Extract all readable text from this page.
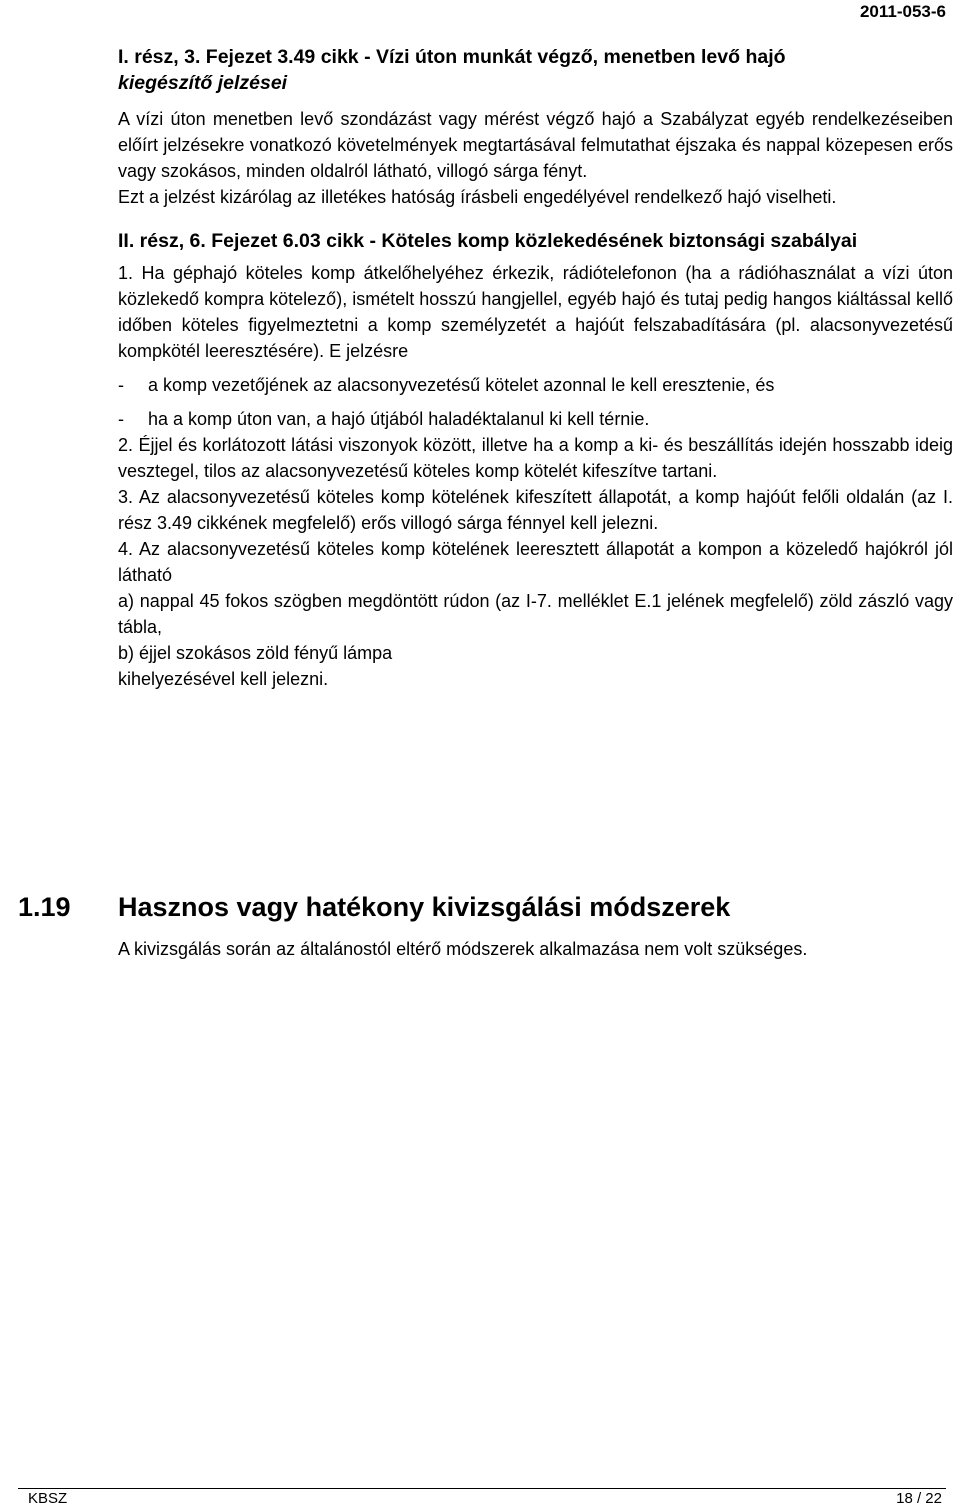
2011-053-6

I. rész, 3. Fejezet 3.49 cikk - Vízi úton munkát végző, menetben levő hajó
kiegészítő jelzései

A vízi úton menetben levő szondázást vagy mérést végző hajó a Szabályzat egyéb rendelkezéseiben előírt jelzésekre vonatkozó követelmények megtartásával felmutathat éjszaka és nappal közepesen erős vagy szokásos, minden oldalról látható, villogó sárga fényt.

Ezt a jelzést kizárólag az illetékes hatóság írásbeli engedélyével rendelkező hajó viselheti.

II. rész, 6. Fejezet 6.03 cikk - Köteles komp közlekedésének biztonsági szabályai

1. Ha géphajó köteles komp átkelőhelyéhez érkezik, rádiótelefonon (ha a rádióhasználat a vízi úton közlekedő kompra kötelező), ismételt hosszú hangjellel, egyéb hajó és tutaj pedig hangos kiáltással kellő időben köteles figyelmeztetni a komp személyzetét a hajóút felszabadítására (pl. alacsonyvezetésű kompkötél leeresztésére). E jelzésre

- a komp vezetőjének az alacsonyvezetésű kötelet azonnal le kell eresztenie, és

- ha a komp úton van, a hajó útjából haladéktalanul ki kell térnie.

2. Éjjel és korlátozott látási viszonyok között, illetve ha a komp a ki- és beszállítás idején hosszabb ideig vesztegel, tilos az alacsonyvezetésű köteles komp kötelét kifeszítve tartani.

3. Az alacsonyvezetésű köteles komp kötelének kifeszített állapotát, a komp hajóút felőli oldalán (az I. rész 3.49 cikkének megfelelő) erős villogó sárga fénnyel kell jelezni.

4. Az alacsonyvezetésű köteles komp kötelének leeresztett állapotát a kompon a közeledő hajókról jól látható

a) nappal 45 fokos szögben megdöntött rúdon (az I-7. melléklet E.1 jelének megfelelő) zöld zászló vagy tábla,

b) éjjel szokásos zöld fényű lámpa

kihelyezésével kell jelezni.

1.19 Hasznos vagy hatékony kivizsgálási módszerek

A kivizsgálás során az általánostól eltérő módszerek alkalmazása nem volt szükséges.

KBSZ	18 / 22
